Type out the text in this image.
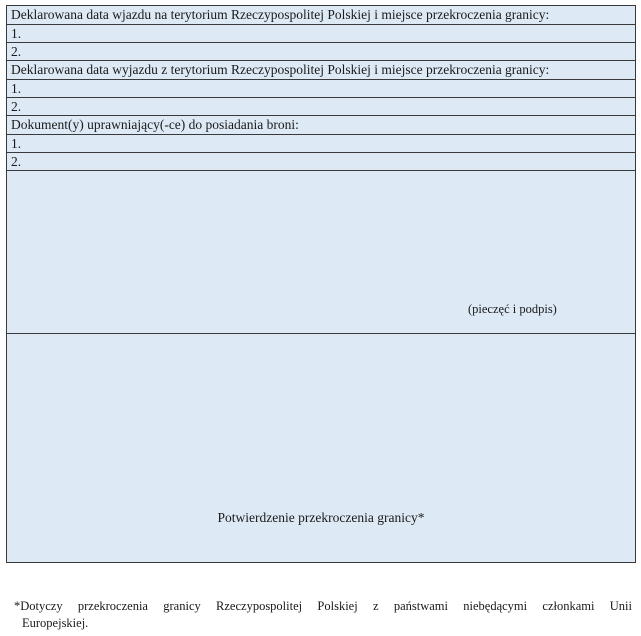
Deklarowana data wjazdu na terytorium Rzeczypospolitej Polskiej i miejsce przekroczenia granicy:
1.
2.
Deklarowana data wyjazdu z terytorium Rzeczypospolitej Polskiej i miejsce przekroczenia granicy:
1.
2.
Dokument(y) uprawniający(-ce) do posiadania broni:
1.
2.
(pieczęć i podpis)
Potwierdzenie przekroczenia granicy*
*Dotyczy przekroczenia granicy Rzeczypospolitej Polskiej z państwami niebędącymi członkami Unii
Europejskiej.
